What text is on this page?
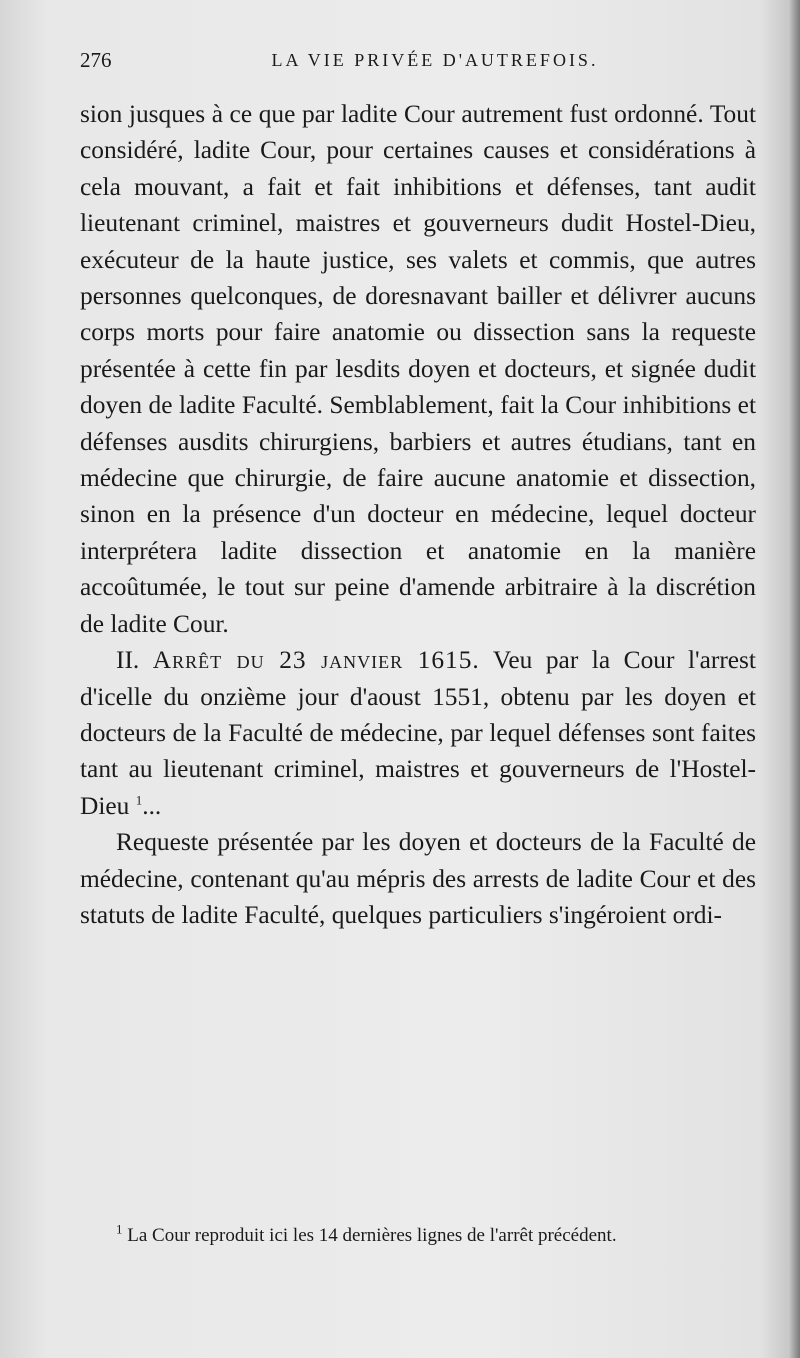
276	LA VIE PRIVÉE D'AUTREFOIS.

sion jusques à ce que par ladite Cour autrement fust ordonné. Tout considéré, ladite Cour, pour certaines causes et considérations à cela mouvant, a fait et fait inhibitions et défenses, tant audit lieutenant criminel, maistres et gouverneurs dudit Hostel-Dieu, exécuteur de la haute justice, ses valets et commis, que autres personnes quelconques, de doresnavant bailler et délivrer aucuns corps morts pour faire anatomie ou dissection sans la requeste présentée à cette fin par lesdits doyen et docteurs, et signée dudit doyen de ladite Faculté. Semblablement, fait la Cour inhibitions et défenses ausdits chirurgiens, barbiers et autres étudians, tant en médecine que chirurgie, de faire aucune anatomie et dissection, sinon en la présence d'un docteur en médecine, lequel docteur interprétera ladite dissection et anatomie en la manière accoûtumée, le tout sur peine d'amende arbitraire à la discrétion de ladite Cour.

II. Arrêt du 23 janvier 1615. Veu par la Cour l'arrest d'icelle du onzième jour d'aoust 1551, obtenu par les doyen et docteurs de la Faculté de médecine, par lequel défenses sont faites tant au lieutenant criminel, maistres et gouverneurs de l'Hostel-Dieu $^1$...

Requeste présentée par les doyen et docteurs de la Faculté de médecine, contenant qu'au mépris des arrests de ladite Cour et des statuts de ladite Faculté, quelques particuliers s'ingéroient ordi-

$^1$ La Cour reproduit ici les 14 dernières lignes de l'arrêt précédent.
